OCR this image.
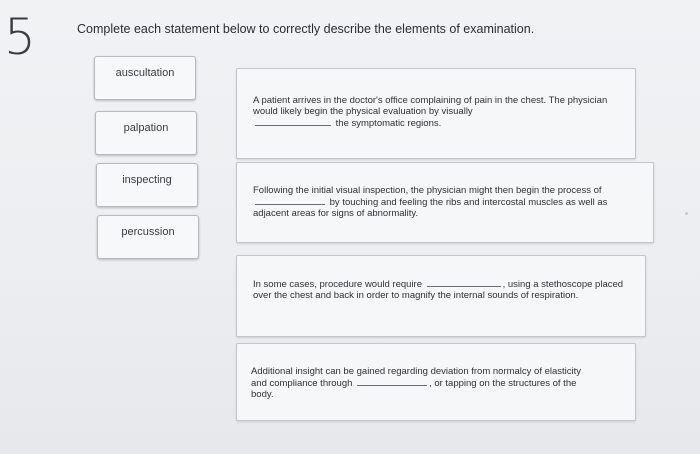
5	Complete each statement below to correctly describe the elements of examination.
auscultation
palpation
inspecting
percussion

A patient arrives in the doctor's office complaining of pain in the chest. The physician would likely begin the physical evaluation by visually
the symptomatic regions.

Following the initial visual inspection, the physician might then begin the process of  by touching and feeling the ribs and intercostal muscles as well as adjacent areas for signs of abnormality.

In some cases, procedure would require	, using a stethoscope placed over the chest and back in order to magnify the internal sounds of respiration.

Additional insight can be gained regarding deviation from normalcy of elasticity and compliance through	, or tapping on the structures of the body.
